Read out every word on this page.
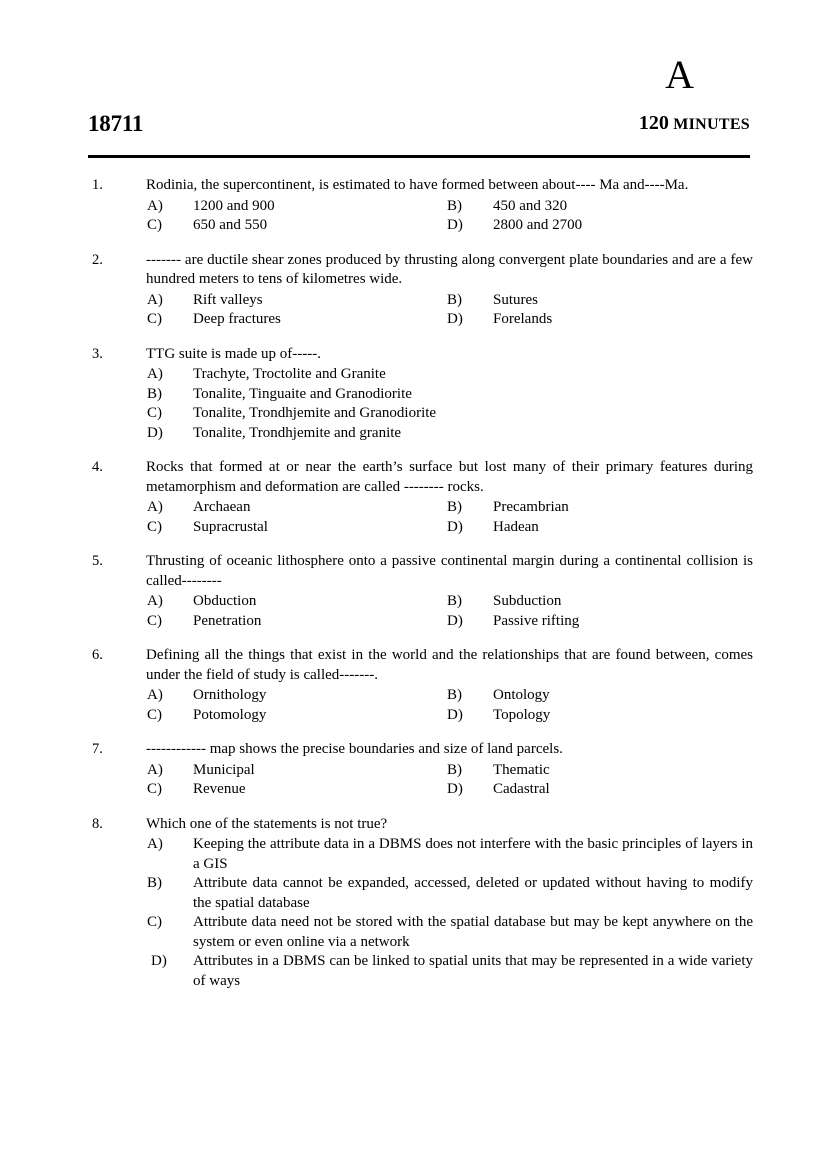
A
18711	120 MINUTES
1.	Rodinia, the supercontinent, is estimated to have formed between about---- Ma and----Ma.
A) 1200 and 900	B) 450 and 320
C) 650 and 550	D) 2800 and 2700
2.	------- are ductile shear zones produced by thrusting along convergent plate boundaries and are a few hundred meters to tens of kilometres wide.
A) Rift valleys	B) Sutures
C) Deep fractures	D) Forelands
3.	TTG suite is made up of-----.
A) Trachyte, Troctolite and Granite
B) Tonalite, Tinguaite and Granodiorite
C) Tonalite, Trondhjemite and Granodiorite
D) Tonalite, Trondhjemite and granite
4.	Rocks that formed at or near the earth’s surface but lost many of their primary features during metamorphism and deformation are called -------- rocks.
A) Archaean	B) Precambrian
C) Supracrustal	D) Hadean
5.	Thrusting of oceanic lithosphere onto a passive continental margin during a continental collision is called--------
A) Obduction	B) Subduction
C) Penetration	D) Passive rifting
6.	Defining all the things that exist in the world and the relationships that are found between, comes under the field of study is called-------.
A) Ornithology	B) Ontology
C) Potomology	D) Topology
7.	------------ map shows the precise boundaries and size of land parcels.
A) Municipal	B) Thematic
C) Revenue	D) Cadastral
8.	Which one of the statements is not true?
A) Keeping the attribute data in a DBMS does not interfere with the basic principles of layers in a GIS
B) Attribute data cannot be expanded, accessed, deleted or updated without having to modify the spatial database
C) Attribute data need not be stored with the spatial database but may be kept anywhere on the system or even online via a network
D) Attributes in a DBMS can be linked to spatial units that may be represented in a wide variety of ways
